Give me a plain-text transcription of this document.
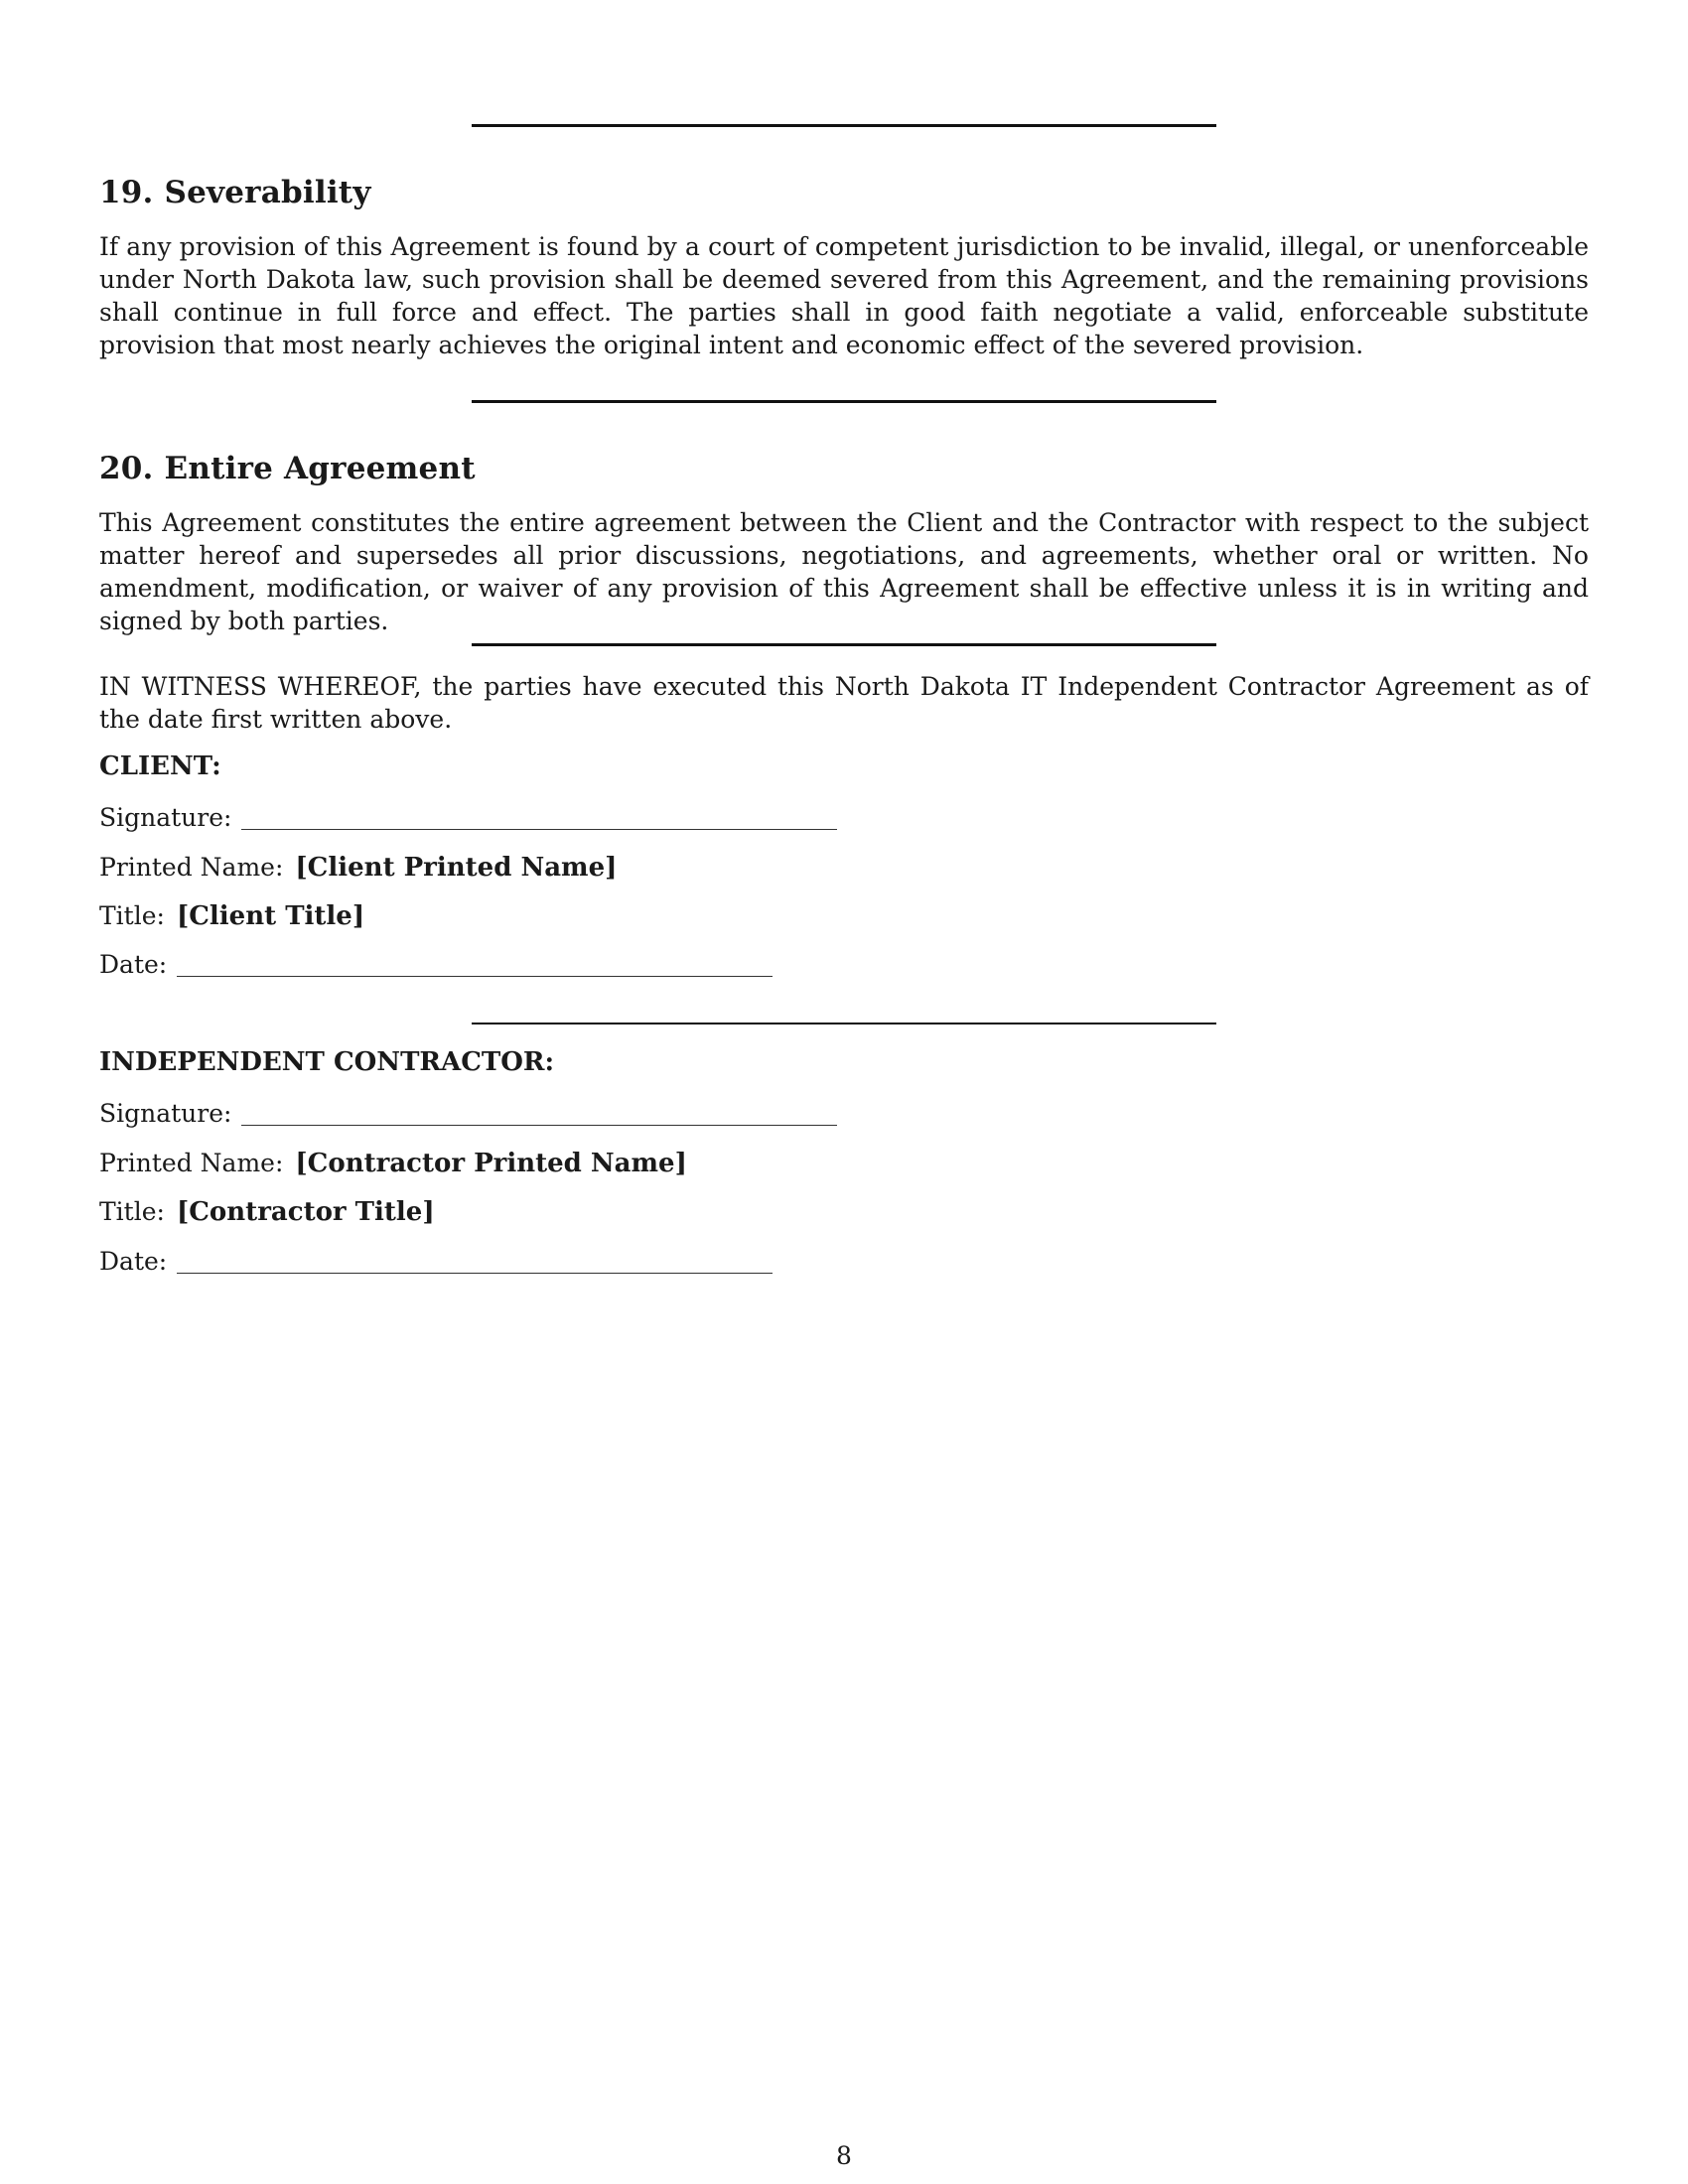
19. Severability

If any provision of this Agreement is found by a court of competent jurisdiction to be invalid, illegal, or unenforceable under North Dakota law, such provision shall be deemed severed from this Agreement, and the remaining provisions shall continue in full force and effect. The parties shall in good faith negotiate a valid, enforceable substitute provision that most nearly achieves the original intent and economic effect of the severed provision.

20. Entire Agreement

This Agreement constitutes the entire agreement between the Client and the Contractor with respect to the subject matter hereof and supersedes all prior discussions, negotiations, and agreements, whether oral or written. No amendment, modification, or waiver of any provision of this Agreement shall be effective unless it is in writing and signed by both parties.

IN WITNESS WHEREOF, the parties have executed this North Dakota IT Independent Contractor Agreement as of the date first written above.

CLIENT:
Signature:
Printed Name: [Client Printed Name]
Title: [Client Title]
Date:
INDEPENDENT CONTRACTOR:
Signature:
Printed Name: [Contractor Printed Name]
Title: [Contractor Title]
Date:
8
